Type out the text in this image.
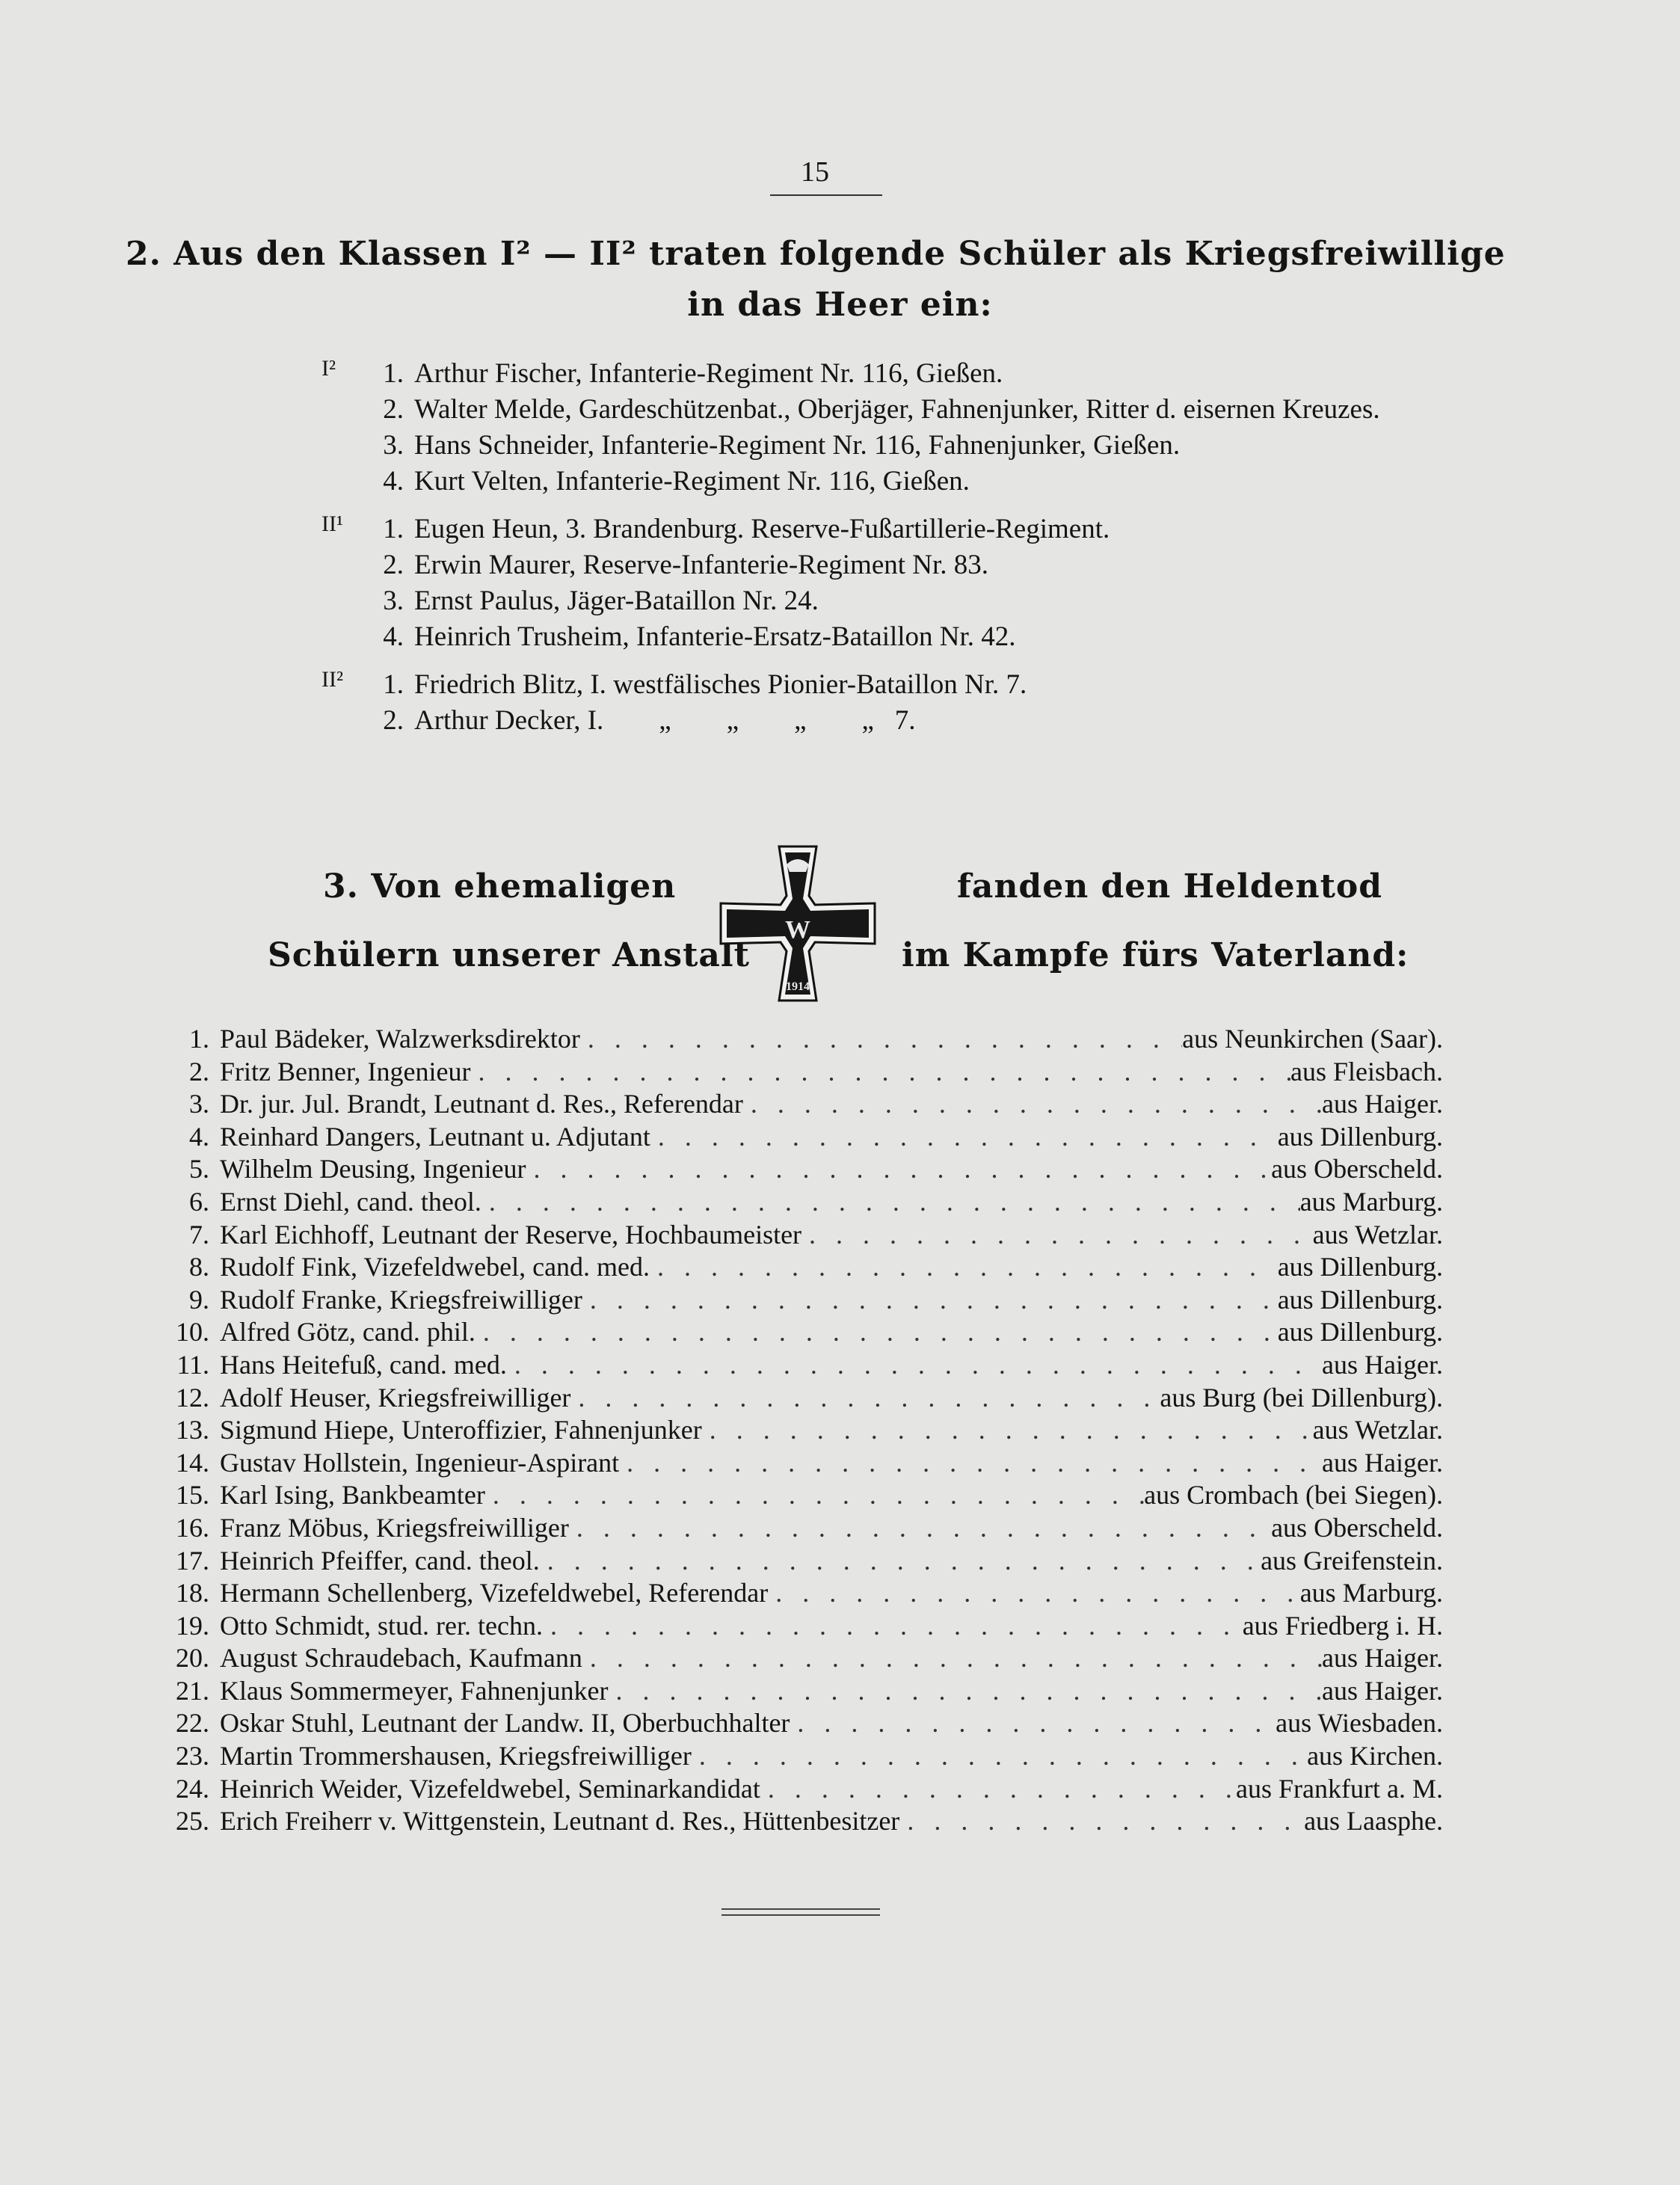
15
2. Aus den Klassen I² — II² traten folgende Schüler als Kriegsfreiwillige
in das Heer ein:
I²	1. Arthur Fischer, Infanterie-Regiment Nr. 116, Gießen.
2. Walter Melde, Gardeschützenbat., Oberjäger, Fahnenjunker, Ritter d. eisernen Kreuzes.
3. Hans Schneider, Infanterie-Regiment Nr. 116, Fahnenjunker, Gießen.
4. Kurt Velten, Infanterie-Regiment Nr. 116, Gießen.
II¹	1. Eugen Heun, 3. Brandenburg. Reserve-Fußartillerie-Regiment.
2. Erwin Maurer, Reserve-Infanterie-Regiment Nr. 83.
3. Ernst Paulus, Jäger-Bataillon Nr. 24.
4. Heinrich Trusheim, Infanterie-Ersatz-Bataillon Nr. 42.
II²	1. Friedrich Blitz, I. westfälisches Pionier-Bataillon Nr. 7.
2. Arthur Decker, I.        „        „        „        „   7.
3. Von ehemaligen
Schülern unserer Anstalt
fanden den Heldentod
im Kampfe fürs Vaterland:
W
1914
1. Paul Bädeker, Walzwerksdirektor . . .	aus Neunkirchen (Saar).
2. Fritz Benner, Ingenieur . . .	aus Fleisbach.
3. Dr. jur. Jul. Brandt, Leutnant d. Res., Referendar . . .	aus Haiger.
4. Reinhard Dangers, Leutnant u. Adjutant . . .	aus Dillenburg.
5. Wilhelm Deusing, Ingenieur . . .	aus Oberscheld.
6. Ernst Diehl, cand. theol. . . .	aus Marburg.
7. Karl Eichhoff, Leutnant der Reserve, Hochbaumeister . . .	aus Wetzlar.
8. Rudolf Fink, Vizefeldwebel, cand. med. . . .	aus Dillenburg.
9. Rudolf Franke, Kriegsfreiwilliger . . .	aus Dillenburg.
10. Alfred Götz, cand. phil. . . .	aus Dillenburg.
11. Hans Heitefuß, cand. med. . . .	aus Haiger.
12. Adolf Heuser, Kriegsfreiwilliger . . .	aus Burg (bei Dillenburg).
13. Sigmund Hiepe, Unteroffizier, Fahnenjunker . . .	aus Wetzlar.
14. Gustav Hollstein, Ingenieur-Aspirant . . .	aus Haiger.
15. Karl Ising, Bankbeamter . . .	aus Crombach (bei Siegen).
16. Franz Möbus, Kriegsfreiwilliger . . .	aus Oberscheld.
17. Heinrich Pfeiffer, cand. theol. . . .	aus Greifenstein.
18. Hermann Schellenberg, Vizefeldwebel, Referendar . . .	aus Marburg.
19. Otto Schmidt, stud. rer. techn. . . .	aus Friedberg i. H.
20. August Schraudebach, Kaufmann . . .	aus Haiger.
21. Klaus Sommermeyer, Fahnenjunker . . .	aus Haiger.
22. Oskar Stuhl, Leutnant der Landw. II, Oberbuchhalter . . .	aus Wiesbaden.
23. Martin Trommershausen, Kriegsfreiwilliger . . .	aus Kirchen.
24. Heinrich Weider, Vizefeldwebel, Seminarkandidat . . .	aus Frankfurt a. M.
25. Erich Freiherr v. Wittgenstein, Leutnant d. Res., Hüttenbesitzer . . .	aus Laasphe.
